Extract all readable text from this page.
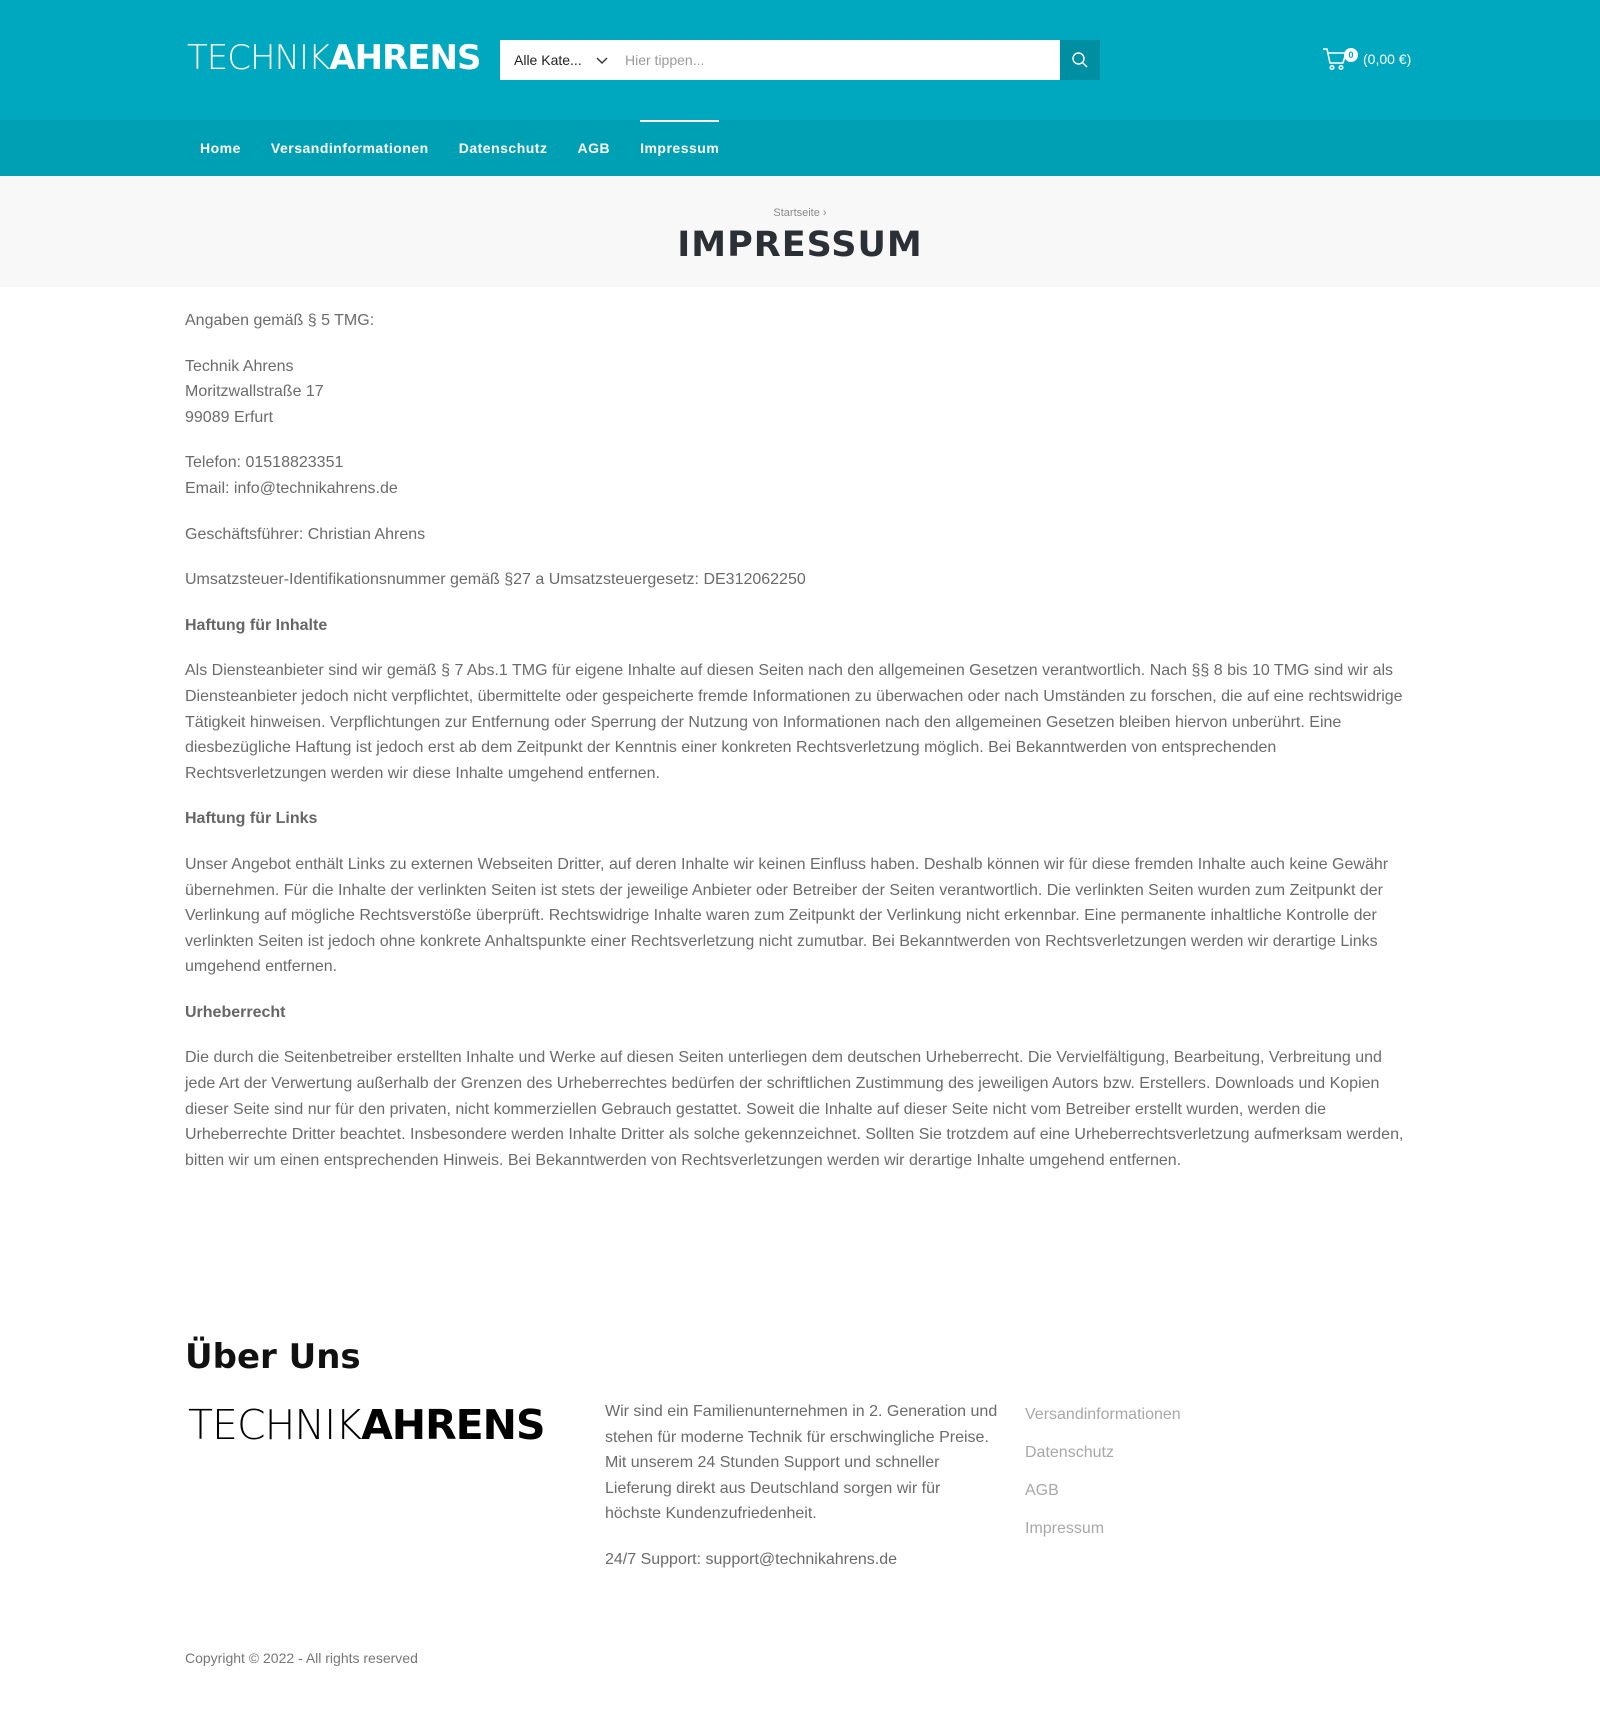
TECHNIKAHRENS Alle Kate...
Hier tippen...	0 (0,00 €)
Home	Versandinformationen	Datenschutz	AGB	Impressum
Startseite ›
IMPRESSUM

Angaben gemäß § 5 TMG:

Technik Ahrens
Moritzwallstraße 17
99089 Erfurt

Telefon: 01518823351
Email: info@technikahrens.de

Geschäftsführer: Christian Ahrens

Umsatzsteuer-Identifikationsnummer gemäß §27 a Umsatzsteuergesetz: DE312062250

Haftung für Inhalte

Als Diensteanbieter sind wir gemäß § 7 Abs.1 TMG für eigene Inhalte auf diesen Seiten nach den allgemeinen Gesetzen verantwortlich. Nach §§ 8 bis 10 TMG sind wir als Diensteanbieter jedoch nicht verpflichtet, übermittelte oder gespeicherte fremde Informationen zu überwachen oder nach Umständen zu forschen, die auf eine rechtswidrige Tätigkeit hinweisen. Verpflichtungen zur Entfernung oder Sperrung der Nutzung von Informationen nach den allgemeinen Gesetzen bleiben hiervon unberührt. Eine diesbezügliche Haftung ist jedoch erst ab dem Zeitpunkt der Kenntnis einer konkreten Rechtsverletzung möglich. Bei Bekanntwerden von entsprechenden Rechtsverletzungen werden wir diese Inhalte umgehend entfernen.

Haftung für Links

Unser Angebot enthält Links zu externen Webseiten Dritter, auf deren Inhalte wir keinen Einfluss haben. Deshalb können wir für diese fremden Inhalte auch keine Gewähr übernehmen. Für die Inhalte der verlinkten Seiten ist stets der jeweilige Anbieter oder Betreiber der Seiten verantwortlich. Die verlinkten Seiten wurden zum Zeitpunkt der Verlinkung auf mögliche Rechtsverstöße überprüft. Rechtswidrige Inhalte waren zum Zeitpunkt der Verlinkung nicht erkennbar. Eine permanente inhaltliche Kontrolle der verlinkten Seiten ist jedoch ohne konkrete Anhaltspunkte einer Rechtsverletzung nicht zumutbar. Bei Bekanntwerden von Rechtsverletzungen werden wir derartige Links umgehend entfernen.

Urheberrecht

Die durch die Seitenbetreiber erstellten Inhalte und Werke auf diesen Seiten unterliegen dem deutschen Urheberrecht. Die Vervielfältigung, Bearbeitung, Verbreitung und jede Art der Verwertung außerhalb der Grenzen des Urheberrechtes bedürfen der schriftlichen Zustimmung des jeweiligen Autors bzw. Erstellers. Downloads und Kopien dieser Seite sind nur für den privaten, nicht kommerziellen Gebrauch gestattet. Soweit die Inhalte auf dieser Seite nicht vom Betreiber erstellt wurden, werden die Urheberrechte Dritter beachtet. Insbesondere werden Inhalte Dritter als solche gekennzeichnet. Sollten Sie trotzdem auf eine Urheberrechtsverletzung aufmerksam werden, bitten wir um einen entsprechenden Hinweis. Bei Bekanntwerden von Rechtsverletzungen werden wir derartige Inhalte umgehend entfernen.

Über Uns
TECHNIKAHRENS	Wir sind ein Familienunternehmen in 2. Generation und stehen für moderne Technik für erschwingliche Preise. Mit unserem 24 Stunden Support und schneller Lieferung direkt aus Deutschland sorgen wir für höchste Kundenzufriedenheit.

24/7 Support: support@technikahrens.de

Versandinformationen
Datenschutz
AGB
Impressum
Copyright © 2022 - All rights reserved
